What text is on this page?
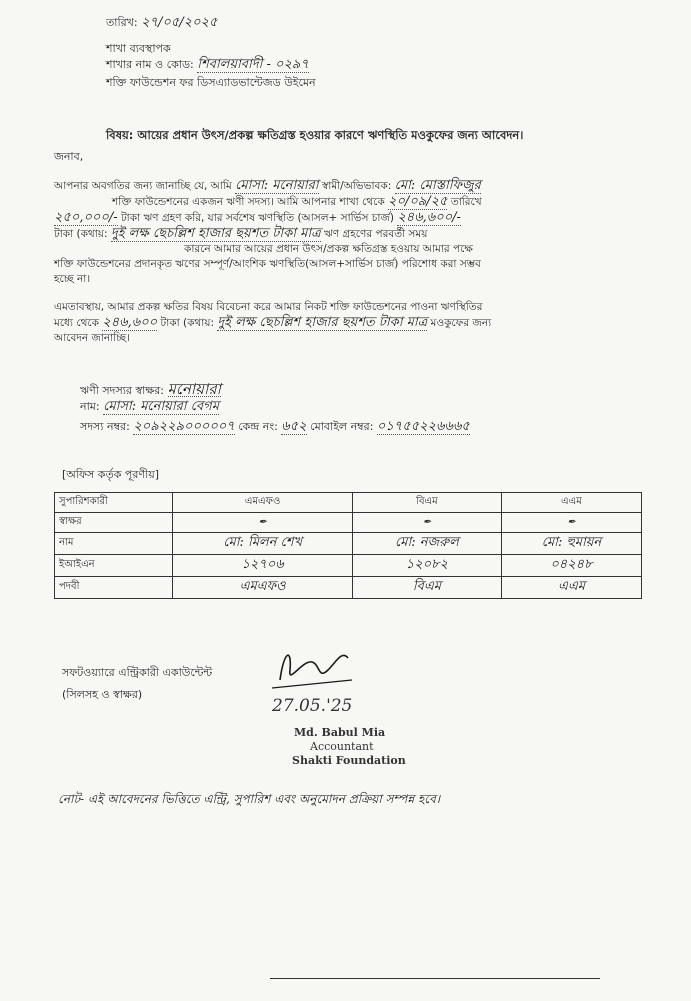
তারিখ: ২৭/০৫/২০২৫
শাখা ব্যবস্থাপক
শাখার নাম ও কোড: শিবালয়াবাদী - ০২৯৭
শক্তি ফাউন্ডেশন ফর ডিসএ্যাডভান্টেজড উইমেন
বিষয়: আয়ের প্রধান উৎস/প্রকল্প ক্ষতিগ্রস্ত হওয়ার কারণে ঋণস্থিতি মওকুফের জন্য আবেদন।
জনাব,
আপনার অবগতির জন্য জানাচ্ছি যে, আমি মোসা: মনোয়ারা স্বামী/অভিভাবক: মো: মোস্তাফিজুর
শক্তি ফাউন্ডেশনের একজন ঋণী সদস্য। আমি আপনার শাখা থেকে ২০/০৯/২৫ তারিখে
২৫০,০০০/- টাকা ঋণ গ্রহণ করি, যার সর্বশেষ ঋণস্থিতি (আসল+ সার্ভিস চার্জ) ২৪৬,৬০০/-
টাকা (কথায়: দুই লক্ষ ছেচল্লিশ হাজার ছয়শত টাকা মাত্র ঋণ গ্রহণের পরবর্তী সময়
কারনে আমার আয়ের প্রধান উৎস/প্রকল্প ক্ষতিগ্রস্ত হওয়ায় আমার পক্ষে
শক্তি ফাউন্ডেশনের প্রদানকৃত ঋণের সম্পূর্ণ/আংশিক ঋণস্থিতি(আসল+সার্ভিস চার্জ) পরিশোধ করা সম্ভব
হচ্ছে না।
এমতাবস্থায়, আমার প্রকল্প ক্ষতির বিষয় বিবেচনা করে আমার নিকট শক্তি ফাউন্ডেশনের পাওনা ঋণস্থিতির
মধ্যে থেকে ২৪৬,৬০০ টাকা (কথায়: দুই লক্ষ ছেচল্লিশ হাজার ছয়শত টাকা মাত্র মওকুফের জন্য
আবেদন জানাচ্ছি।
ঋণী সদস্যর স্বাক্ষর: মনোয়ারা
নাম: মোসা: মনোয়ারা বেগম
সদস্য নম্বর: ২০৯২২৯০০০০০৭ কেন্দ্র নং: ৬৫২ মোবাইল নম্বর: ০১৭৫৫২২৬৬৬৫
[অফিস কর্তৃক পূরণীয়]
সুপারিশকারী	এমএফও	বিএম	এএম
স্বাক্ষর	✒︎	✒︎	✒︎
নাম	মো: মিলন শেখ	মো: নজরুল	মো: হুমায়ন
ইআইএন	১২৭০৬	১২০৮২	০৪২৪৮
পদবী	এমএফও	বিএম	এএম
সফটওয়্যারে এন্ট্রিকারী একাউন্টেন্ট
(সিলসহ ও স্বাক্ষর)
27.05.'25
Md. Babul Mia
Accountant
Shakti Foundation
নোট- এই আবেদনের ভিত্তিতে এন্ট্রি, সুপারিশ এবং অনুমোদন প্রক্রিয়া সম্পন্ন হবে।
